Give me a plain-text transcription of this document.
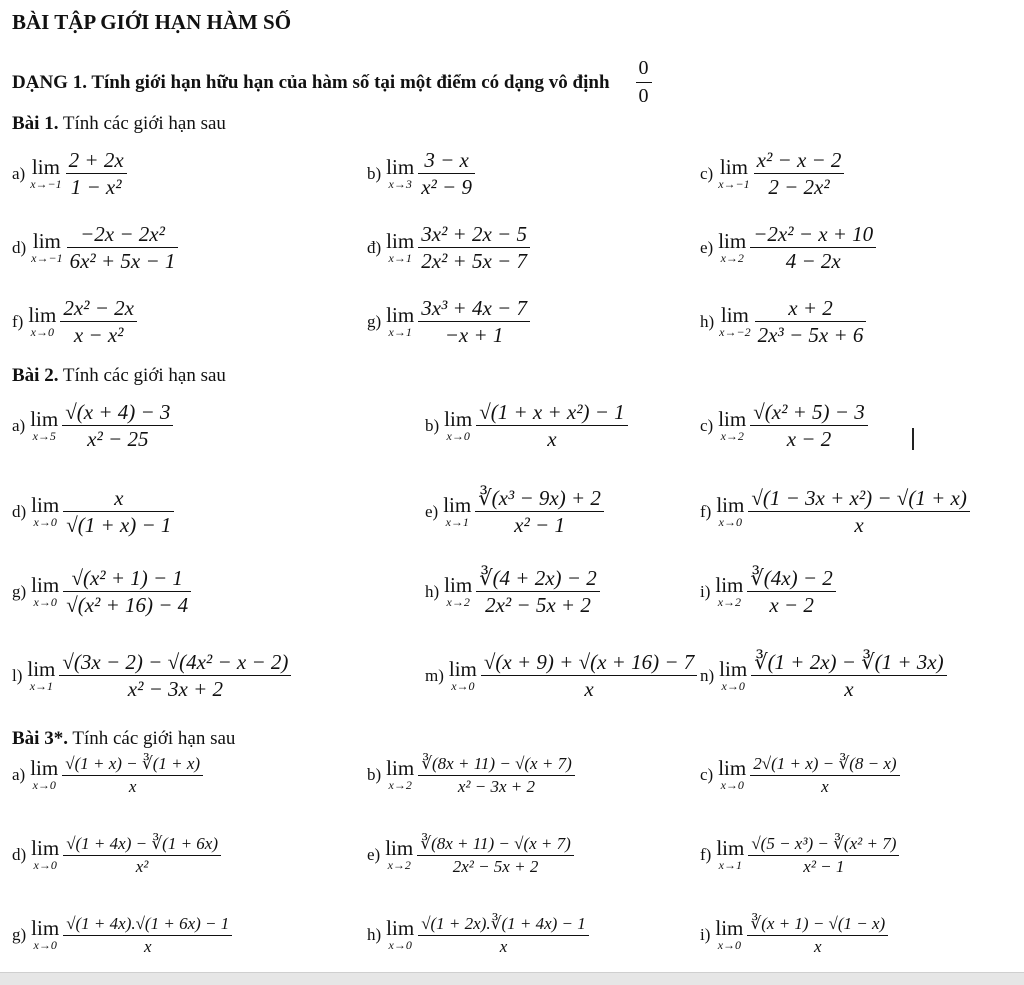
BÀI TẬP GIỚI HẠN HÀM SỐ
DẠNG 1. Tính giới hạn hữu hạn của hàm số tại một điểm có dạng vô định
0
0
Bài 1. Tính các giới hạn sau
Bài 2. Tính các giới hạn sau
Bài 3*. Tính các giới hạn sau
a) lim
x→−1
2 + 2x
1 − x²
b) lim
x→3
3 − x
x² − 9
c) lim
x→−1
x² − x − 2
2 − 2x²
d) lim
x→−1
−2x − 2x²
6x² + 5x − 1
đ) lim
x→1
3x² + 2x − 5
2x² + 5x − 7
e) lim
x→2
−2x² − x + 10
4 − 2x
f) lim
x→0
2x² − 2x
x − x²
g) lim
x→1
3x³ + 4x − 7
−x + 1
h) lim
x→−2
x + 2
2x³ − 5x + 6
a) lim
x→5
√(x + 4) − 3
x² − 25
b) lim
x→0
√(1 + x + x²) − 1
x
c) lim
x→2
√(x² + 5) − 3
x − 2
d) lim
x→0
x
√(1 + x) − 1
e) lim
x→1
∛(x³ − 9x) + 2
x² − 1
f) lim
x→0
√(1 − 3x + x²) − √(1 + x)
x
g) lim
x→0
√(x² + 1) − 1
√(x² + 16) − 4
h) lim
x→2
∛(4 + 2x) − 2
2x² − 5x + 2
i) lim
x→2
∛(4x) − 2
x − 2
l) lim
x→1
√(3x − 2) − √(4x² − x − 2)
x² − 3x + 2
m) lim
x→0
√(x + 9) + √(x + 16) − 7
x
n) lim
x→0
∛(1 + 2x) − ∛(1 + 3x)
x
a) lim
x→0
√(1 + x) − ∛(1 + x)
x
b) lim
x→2
∛(8x + 11) − √(x + 7)
x² − 3x + 2
c) lim
x→0
2√(1 + x) − ∛(8 − x)
x
d) lim
x→0
√(1 + 4x) − ∛(1 + 6x)
x²
e) lim
x→2
∛(8x + 11) − √(x + 7)
2x² − 5x + 2
f) lim
x→1
√(5 − x³) − ∛(x² + 7)
x² − 1
g) lim
x→0
√(1 + 4x).√(1 + 6x) − 1
x
h) lim
x→0
√(1 + 2x).∛(1 + 4x) − 1
x
i) lim
x→0
∛(x + 1) − √(1 − x)
x
